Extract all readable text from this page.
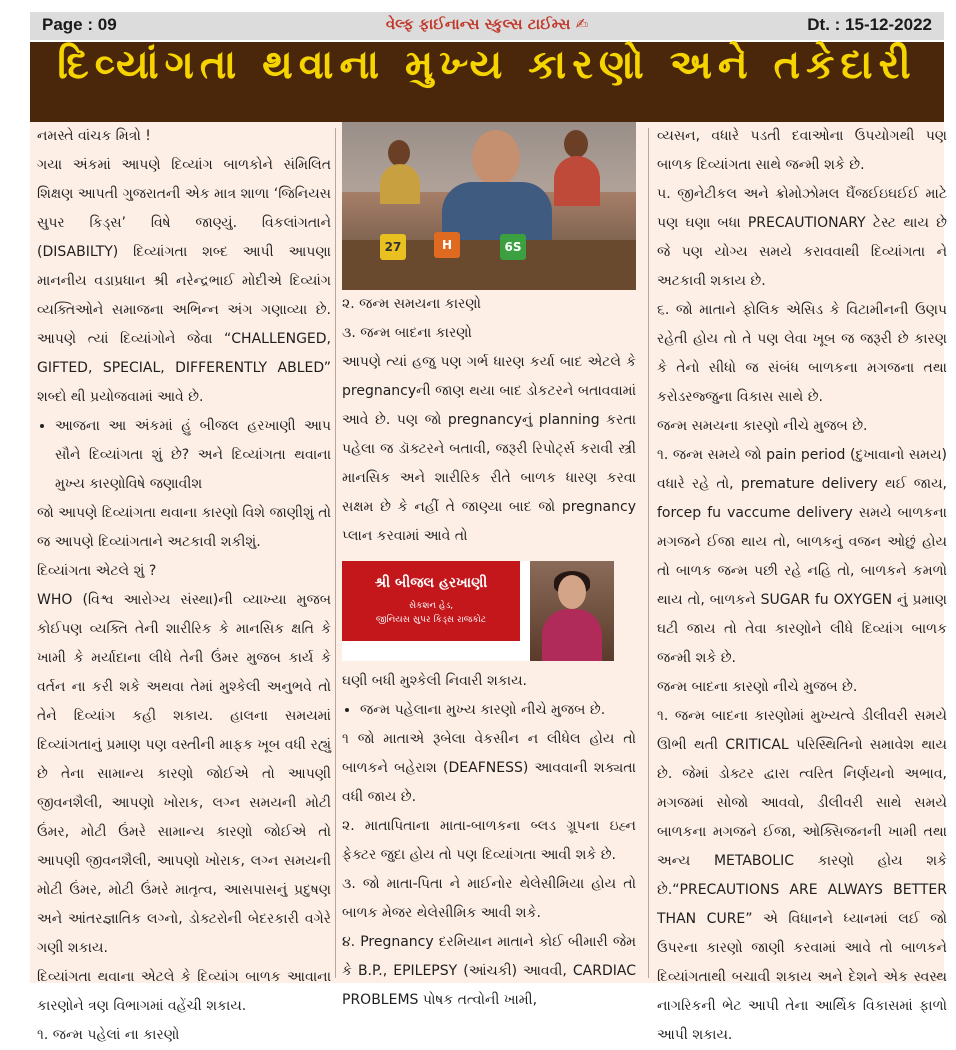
Page : 09	વેલ્ફ ફાઈનાન્સ સ્કુલ્સ ટાઈમ્સ ✍	Dt. : 15-12-2022
દિવ્યાંગતા થવાના મુખ્ય કારણો અને તકેદારી

નમસ્તે વાંચક મિત્રો !

ગયા અંકમાં આપણે દિવ્યાંગ બાળકોને સંમિલિત શિક્ષણ આપતી ગુજરાતની એક માત્ર શાળા ‘જિનિયસ સુપર કિડ્સ’ વિષે જાણ્યું. વિકલાંગતાને (DISABILTY) દિવ્યાંગતા શબ્દ આપી આપણા માનનીય વડાપ્રધાન શ્રી નરેન્દ્રભાઈ મોદીએ દિવ્યાંગ વ્યક્તિઓને સમાજના અભિન્ન અંગ ગણાવ્યા છે. આપણે ત્યાં દિવ્યાંગોને જેવા “CHALLENGED, GIFTED, SPECIAL, DIFFERENTLY ABLED” શબ્દો થી પ્રયોજવામાં આવે છે.

• આજના આ અંકમાં હું બીજલ હરખાણી આપ સૌને દિવ્યાંગતા શું છે? અને દિવ્યાંગતા થવાના મુખ્ય કારણોવિષે જણાવીશ

જો આપણે દિવ્યાંગતા થવાના કારણો વિશે જાણીશું તો જ આપણે દિવ્યાંગતાને અટકાવી શકીશું.

દિવ્યાંગતા એટલે શું ?

WHO (વિશ્વ આરોગ્ય સંસ્થા)ની વ્યાખ્યા મુજબ કોઈપણ વ્યક્તિ તેની શારીરિક કે માનસિક ક્ષતિ કે ખામી કે મર્યાદાના લીધે તેની ઉંમર મુજબ કાર્ય કે વર્તન ના કરી શકે અથવા તેમાં મુશ્કેલી અનુભવે તો તેને દિવ્યાંગ કહી શકાય. હાલના સમયમાં દિવ્યાંગતાનું પ્રમાણ પણ વસ્તીની માફક ખૂબ વધી રહ્યું છે તેના સામાન્ય કારણો જોઈએ તો આપણી જીવનશૈલી, આપણો ખોરાક, લગ્ન સમયની મોટી ઉંમર, મોટી ઉંમરે સામાન્ય કારણો જોઈએ તો આપણી જીવનશૈલી, આપણો ખોરાક, લગ્ન સમયની મોટી ઉંમર, મોટી ઉંમરે માતૃત્વ, આસપાસનું પ્રદુષણ અને આંતરજ્ઞાતિક લગ્નો, ડોક્ટરોની બેદરકારી વગેરે ગણી શકાય.

દિવ્યાંગતા થવાના એટલે કે દિવ્યાંગ બાળક આવાના કારણોને ત્રણ વિભાગમાં વહેંચી શકાય.

૧. જન્મ પહેલાં ના કારણો

27	H	6S

૨. જન્મ સમયના કારણો

૩. જન્મ બાદના કારણો

આપણે ત્યાં હજુ પણ ગર્ભ ધારણ કર્યા બાદ એટલે કે pregnancyની જાણ થયા બાદ ડોકટરને બતાવવામાં આવે છે. પણ જો pregnancyનું planning કરતા પહેલા જ ડૉક્ટરને બતાવી, જરૂરી રિપોર્ટ્સ કરાવી સ્ત્રી માનસિક અને શારીરિક રીતે બાળક ધારણ કરવા સક્ષમ છે કે નહીં તે જાણ્યા બાદ જો pregnancy પ્લાન કરવામાં આવે તો

શ્રી બીજલ હરખાણી
સેકશન હેડ,
જીનિયસ સુપર કિડ્સ રાજકોટ

ઘણી બધી મુશ્કેલી નિવારી શકાય.

• જન્મ પહેલાના મુખ્ય કારણો નીચે મુજબ છે.

૧ જો માતાએ રૂબેલા વેકસીન ન લીધેલ હોય તો બાળકને બહેરાશ (DEAFNESS) આવવાની શક્યતા વધી જાય છે.

૨. માતાપિતાના માતા-બાળકના બ્લડ ગ્રૂપના ઇહ્ન ફેક્ટર જુદા હોય તો પણ દિવ્યાંગતા આવી શકે છે.

૩. જો માતા-પિતા ને માઈનોર થેલેસીમિયા હોય તો બાળક મેજર થેલેસીમિક આવી શકે.

૪. Pregnancy દરમિયાન માતાને કોઈ બીમારી જેમ કે B.P., EPILEPSY (આંચકી) આવવી, CARDIAC PROBLEMS પોષક તત્વોની ખામી,

વ્યસન, વધારે પડતી દવાઓના ઉપયોગથી પણ બાળક દિવ્યાંગતા સાથે જન્મી શકે છે.

૫. જીનેટીકલ અને ક્રોમોઝોમલ ઘૈંજઈઇઘઈઈ માટે પણ ઘણા બધા PRECAUTIONARY ટેસ્ટ થાય છે જે પણ યોગ્ય સમયે કરાવવાથી દિવ્યાંગતા ને અટકાવી શકાય છે.

૬. જો માતાને ફોલિક એસિડ કે વિટામીનની ઉણપ રહેતી હોય તો તે પણ લેવા ખૂબ જ જરૂરી છે કારણ કે તેનો સીધો જ સંબંધ બાળકના મગજના તથા કરોડરજ્જુના વિકાસ સાથે છે.

જન્મ સમયના કારણો નીચે મુજબ છે.

૧. જન્મ સમયે જો pain period (દુખાવાનો સમય) વધારે રહે તો, premature delivery થઈ જાય, forcep fu vaccume delivery સમયે બાળકના મગજને ઈજા થાય તો, બાળકનું વજન ઓછું હોય તો બાળક જન્મ પછી રહે નહિ તો, બાળકને કમળો થાય તો, બાળકને SUGAR fu OXYGEN નું પ્રમાણ ઘટી જાય તો તેવા કારણોને લીધે દિવ્યાંગ બાળક જન્મી શકે છે.

જન્મ બાદના કારણો નીચે મુજબ છે.

૧. જન્મ બાદના કારણોમાં મુખ્યત્વે ડીલીવરી સમયે ઊભી થતી CRITICAL પરિસ્થિતિનો સમાવેશ થાય છે. જેમાં ડોક્ટર દ્વારા ત્વરિત નિર્ણયનો અભાવ, મગજમાં સોજો આવવો, ડીલીવરી સાથે સમયે બાળકના મગજને ઈજા, ઓક્સિજનની ખામી તથા અન્ય METABOLIC કારણો હોય શકે છે.“PRECAUTIONS ARE ALWAYS BETTER THAN CURE” એ વિધાનને ધ્યાનમાં લઈ જો ઉપરના કારણો જાણી કરવામાં આવે તો બાળકને દિવ્યાંગતાથી બચાવી શકાય અને દેશને એક સ્વસ્થ નાગરિકની ભેટ આપી તેના આર્થિક વિકાસમાં ફાળો આપી શકાય.
